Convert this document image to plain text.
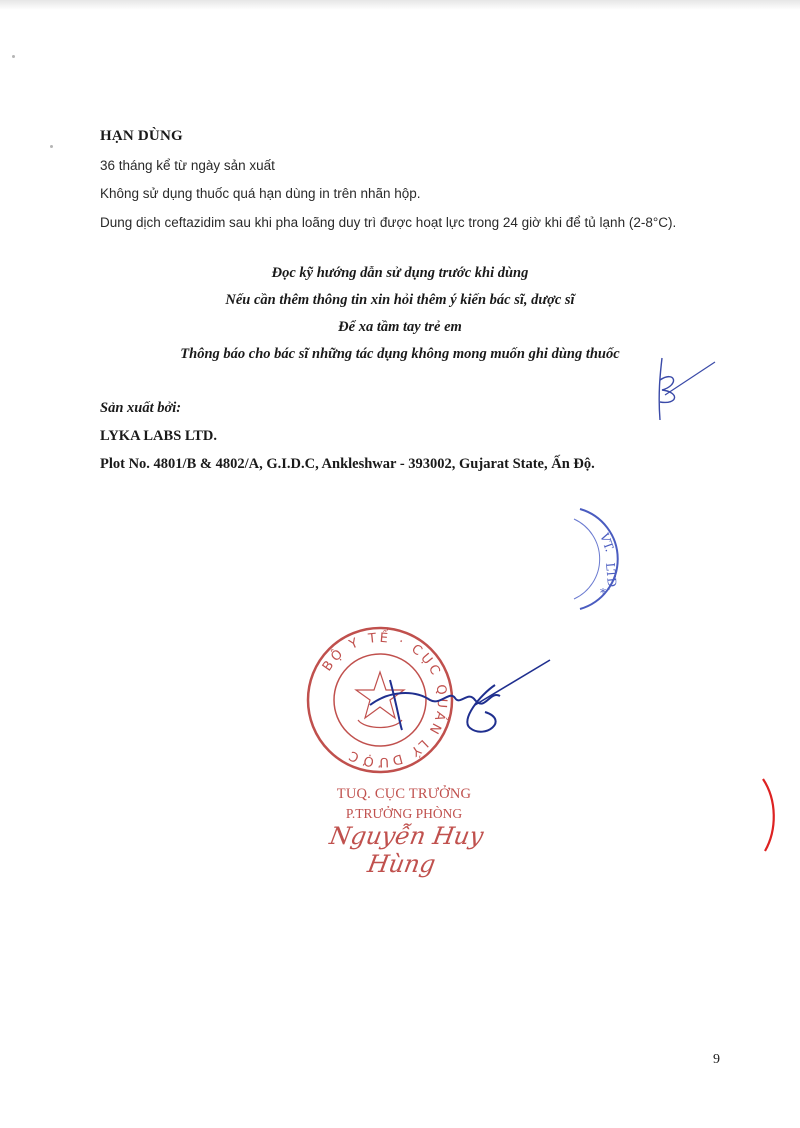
HẠN DÙNG
36 tháng kể từ ngày sản xuất
Không sử dụng thuốc quá hạn dùng in trên nhãn hộp.
Dung dịch ceftazidim sau khi pha loãng duy trì được hoạt lực trong 24 giờ khi để tủ lạnh (2-8°C).
Đọc kỹ hướng dẫn sử dụng trước khi dùng
Nếu cần thêm thông tin xin hỏi thêm ý kiến bác sĩ, dược sĩ
Để xa tầm tay trẻ em
Thông báo cho bác sĩ những tác dụng không mong muốn ghi dùng thuốc
Sản xuất bởi:
LYKA LABS LTD.
Plot No. 4801/B & 4802/A, G.I.D.C, Ankleshwar - 393002, Gujarat State, Ấn Độ.
VT.
LTD.
*
BỘ Y TẾ · CỤC QUẢN LÝ DƯỢC
TUQ. CỤC TRƯỞNG
P.TRƯỞNG PHÒNG
Nguyễn Huy Hùng
9
